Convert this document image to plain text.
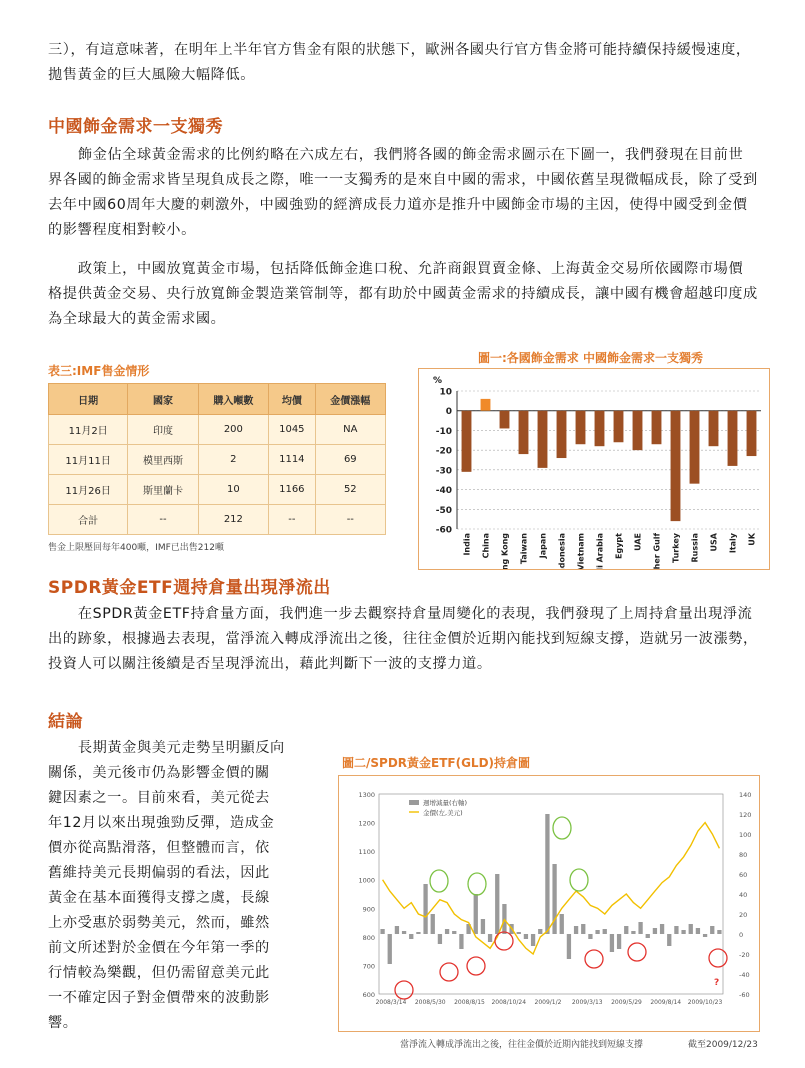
三），有這意味著，在明年上半年官方售金有限的狀態下，歐洲各國央行官方售金將可能持續保持緩慢速度，拋售黃金的巨大風險大幅降低。

中國飾金需求一支獨秀

飾金佔全球黃金需求的比例約略在六成左右，我們將各國的飾金需求圖示在下圖一，我們發現在目前世界各國的飾金需求皆呈現負成長之際，唯一一支獨秀的是來自中國的需求，中國依舊呈現微幅成長，除了受到去年中國60周年大慶的刺激外，中國強勁的經濟成長力道亦是推升中國飾金市場的主因，使得中國受到金價的影響程度相對較小。

政策上，中國放寬黃金市場，包括降低飾金進口稅、允許商銀買賣金條、上海黃金交易所依國際市場價格提供黃金交易、央行放寬飾金製造業管制等，都有助於中國黃金需求的持續成長，讓中國有機會超越印度成為全球最大的黃金需求國。

表三:IMF售金情形
日期	國家	購入噸數	均價	金價漲幅
11月2日	印度	200	1045	NA
11月11日	模里西斯	2	1114	69
11月26日	斯里蘭卡	10	1166	52
合計	--	212	--	--
售金上限壓回每年400噸，IMF已出售212噸
圖一:各國飾金需求 中國飾金需求一支獨秀
%
10
0
-10
-20
-30
-40
-50
-60
India China Hong Kong Taiwan Japan Indonesia Vietnam Saudi Arabia Egypt UAE Other Gulf Turkey Russia USA Italy UK
SPDR黃金ETF週持倉量出現淨流出

在SPDR黃金ETF持倉量方面，我們進一步去觀察持倉量周變化的表現，我們發現了上周持倉量出現淨流出的跡象，根據過去表現，當淨流入轉成淨流出之後，往往金價於近期內能找到短線支撐，造就另一波漲勢，投資人可以關注後續是否呈現淨流出，藉此判斷下一波的支撐力道。

結論
長期黃金與美元走勢呈明顯反向
關係，美元後市仍為影響金價的關
鍵因素之一。目前來看，美元從去
年12月以來出現強勁反彈，造成金
價亦從高點滑落，但整體而言，依
舊維持美元長期偏弱的看法，因此
黃金在基本面獲得支撐之虞，長線
上亦受惠於弱勢美元，然而，雖然
前文所述對於金價在今年第一季的
行情較為樂觀，但仍需留意美元此
一不確定因子對金價帶來的波動影
響。
圖二/SPDR黃金ETF(GLD)持倉圖
600
700
800
900
1000
1100
1200
1300	140
120
100
80
60
40
20
0
-20
-40
-60
2008/3/14 2008/5/30 2008/8/15 2008/10/24 2009/1/2 2009/3/13 2009/5/29 2009/8/14 2009/10/23
週增減量(右軸)
金價(左,美元)
?
當淨流入轉成淨流出之後，往往金價於近期內能找到短線支撐	截至2009/12/23
